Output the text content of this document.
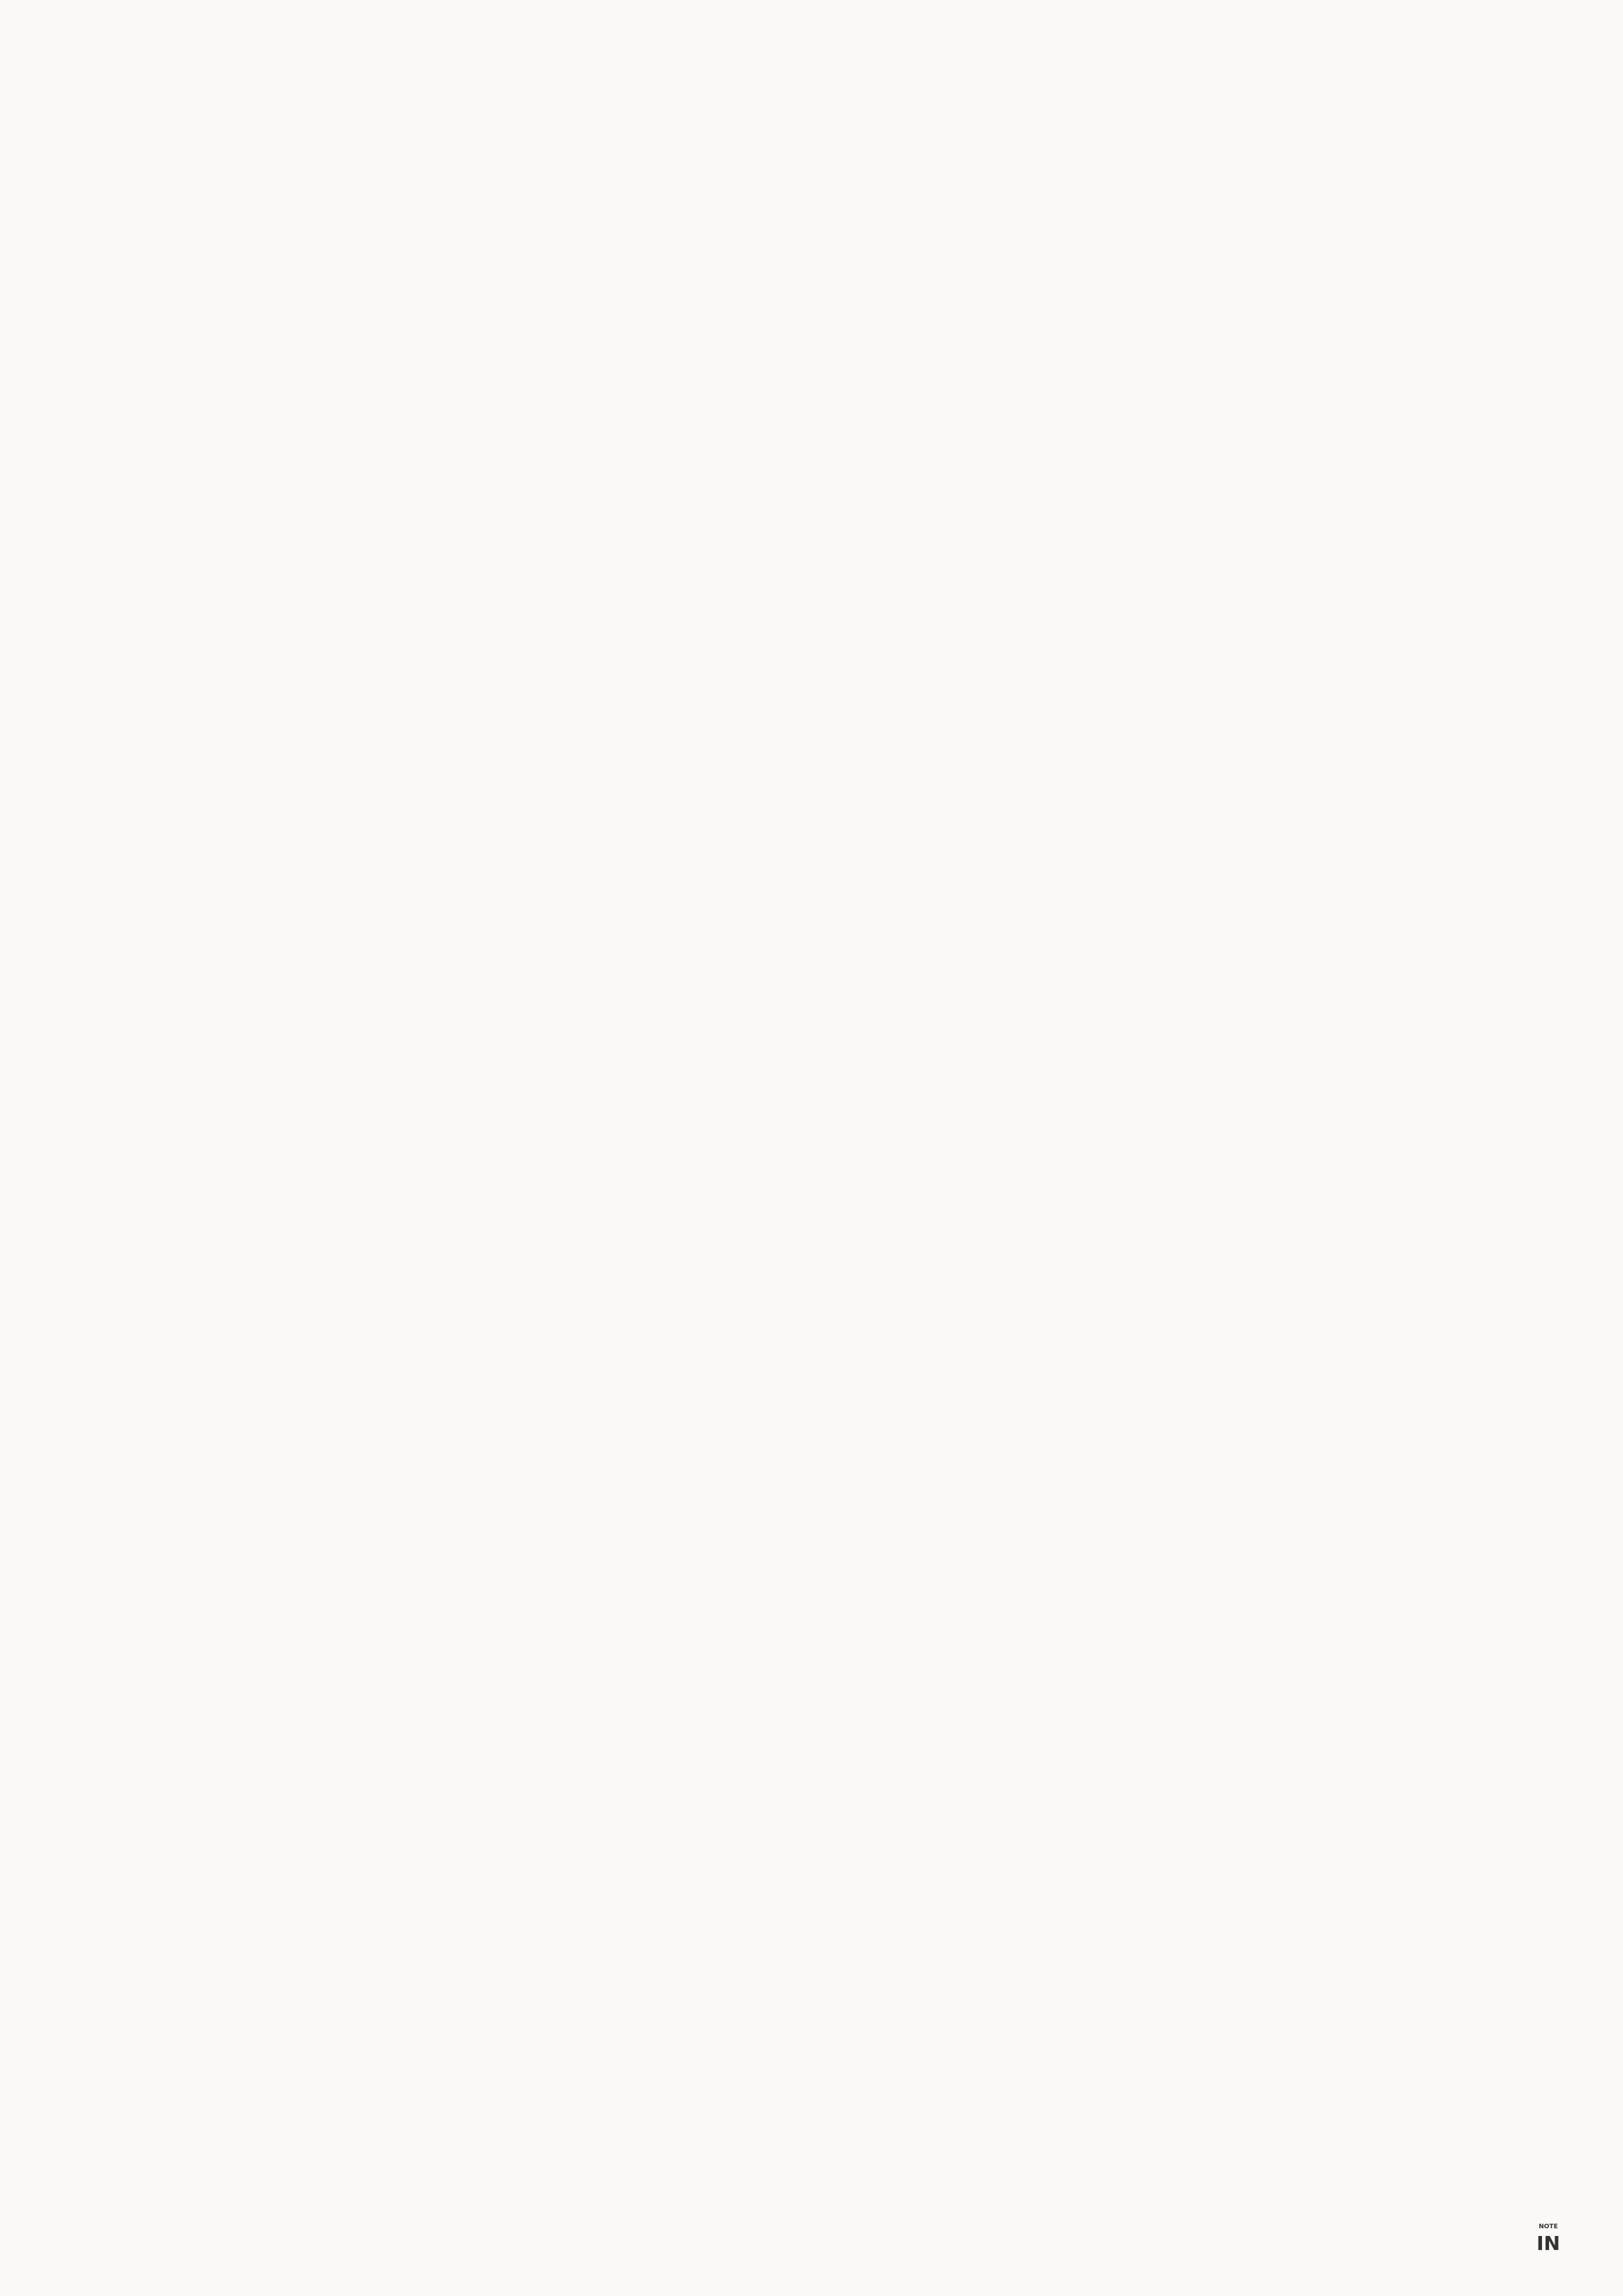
NOTE
IN
